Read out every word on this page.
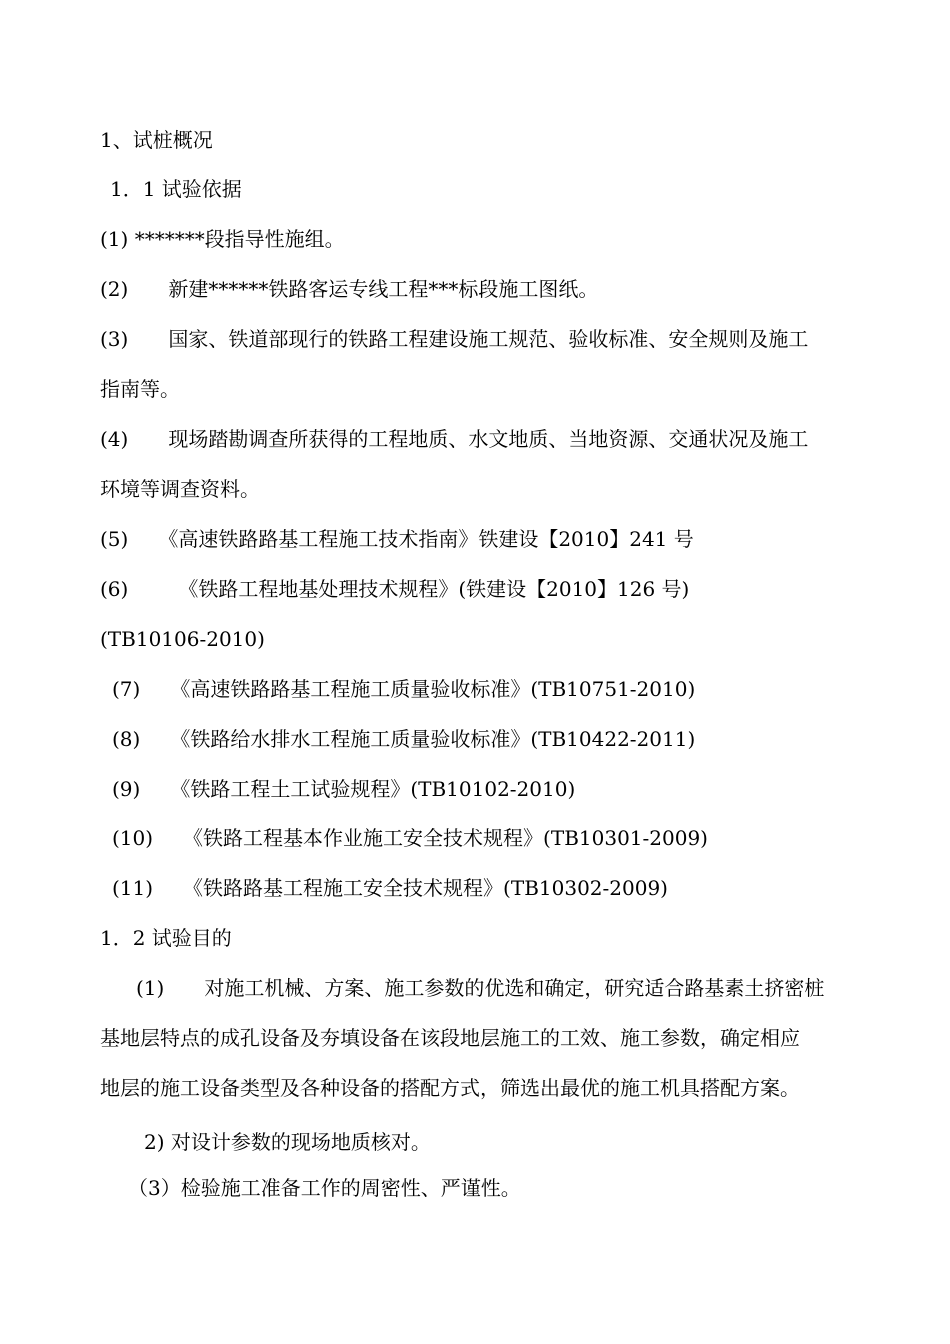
1、试桩概况
1．1 试验依据
(1) *******段指导性施组。
(2)　　新建******铁路客运专线工程***标段施工图纸。
(3)　　国家、铁道部现行的铁路工程建设施工规范、验收标准、安全规则及施工
指南等。
(4)　　现场踏勘调查所获得的工程地质、水文地质、当地资源、交通状况及施工
环境等调查资料。
(5)　　《高速铁路路基工程施工技术指南》铁建设【2010】241 号
(6)　　　《铁路工程地基处理技术规程》(铁建设【2010】126 号)
(TB10106-2010)
(7)　　《高速铁路路基工程施工质量验收标准》(TB10751-2010)
(8)　　《铁路给水排水工程施工质量验收标准》(TB10422-2011)
(9)　　《铁路工程土工试验规程》(TB10102-2010)
(10)　　《铁路工程基本作业施工安全技术规程》(TB10301-2009)
(11)　　《铁路路基工程施工安全技术规程》(TB10302-2009)
1．2 试验目的
(1)　　对施工机械、方案、施工参数的优选和确定，研究适合路基素土挤密桩
基地层特点的成孔设备及夯填设备在该段地层施工的工效、施工参数，确定相应
地层的施工设备类型及各种设备的搭配方式，筛选出最优的施工机具搭配方案。
2) 对设计参数的现场地质核对。
（3）检验施工准备工作的周密性、严谨性。
